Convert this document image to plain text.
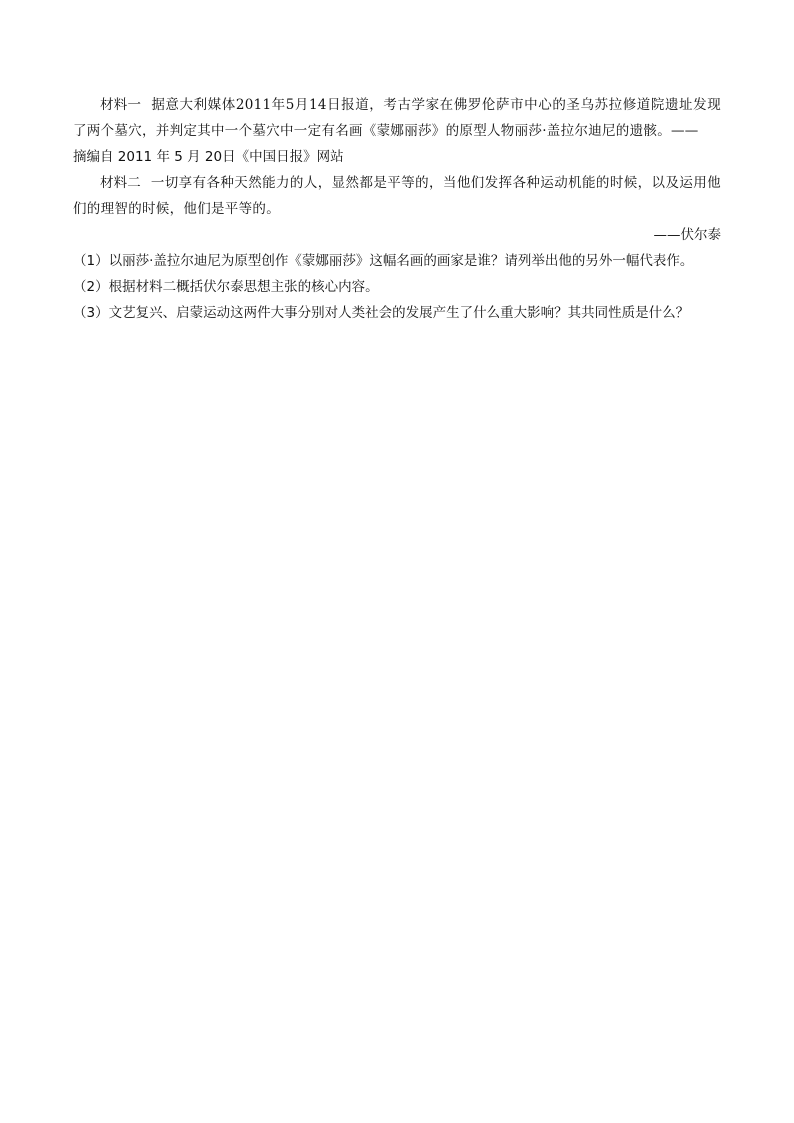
材料一 据意大利媒体2011年5月14日报道，考古学家在佛罗伦萨市中心的圣乌苏拉修道院遗址发现了两个墓穴，并判定其中一个墓穴中一定有名画《蒙娜丽莎》的原型人物丽莎·盖拉尔迪尼的遗骸。——

摘编自 2011 年 5 月 20日《中国日报》网站

材料二 一切享有各种天然能力的人，显然都是平等的，当他们发挥各种运动机能的时候，以及运用他们的理智的时候，他们是平等的。

——伏尔泰

（1）以丽莎·盖拉尔迪尼为原型创作《蒙娜丽莎》这幅名画的画家是谁？请列举出他的另外一幅代表作。

（2）根据材料二概括伏尔泰思想主张的核心内容。

（3）文艺复兴、启蒙运动这两件大事分别对人类社会的发展产生了什么重大影响？其共同性质是什么？
